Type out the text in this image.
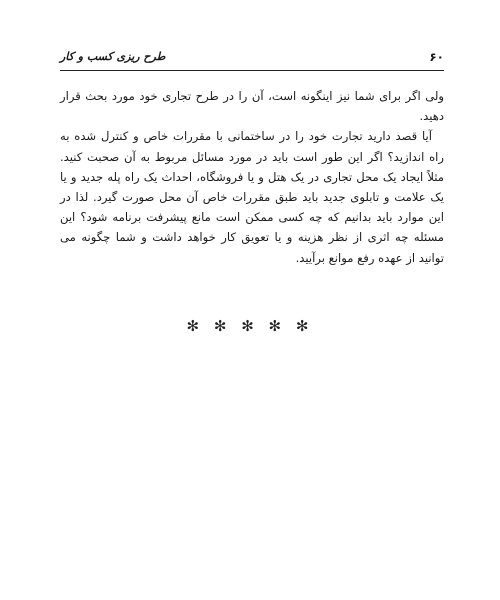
۶۰
طرح ریزی کسب و کار

ولی اگر برای شما نیز اینگونه است، آن را در طرح تجاری خود مورد بحث قرار دهید.

آیا قصد دارید تجارت خود را در ساختمانی با مقررات خاص و کنترل شده به راه اندازید؟ اگر این طور است باید در مورد مسائل مربوط به آن صحبت کنید. مثلاً ایجاد یک محل تجاری در یک هتل و یا فروشگاه، احداث یک راه پله جدید و یا یک علامت و تابلوی جدید باید طبق مقررات خاص آن محل صورت گیرد. لذا در این موارد باید بدانیم که چه کسی ممکن است مانع پیشرفت برنامه شود؟ این مسئله چه اثری از نظر هزینه و یا تعویق کار خواهد داشت و شما چگونه می توانید از عهده رفع موانع برآیید.

✻ ✻ ✻ ✻ ✻
